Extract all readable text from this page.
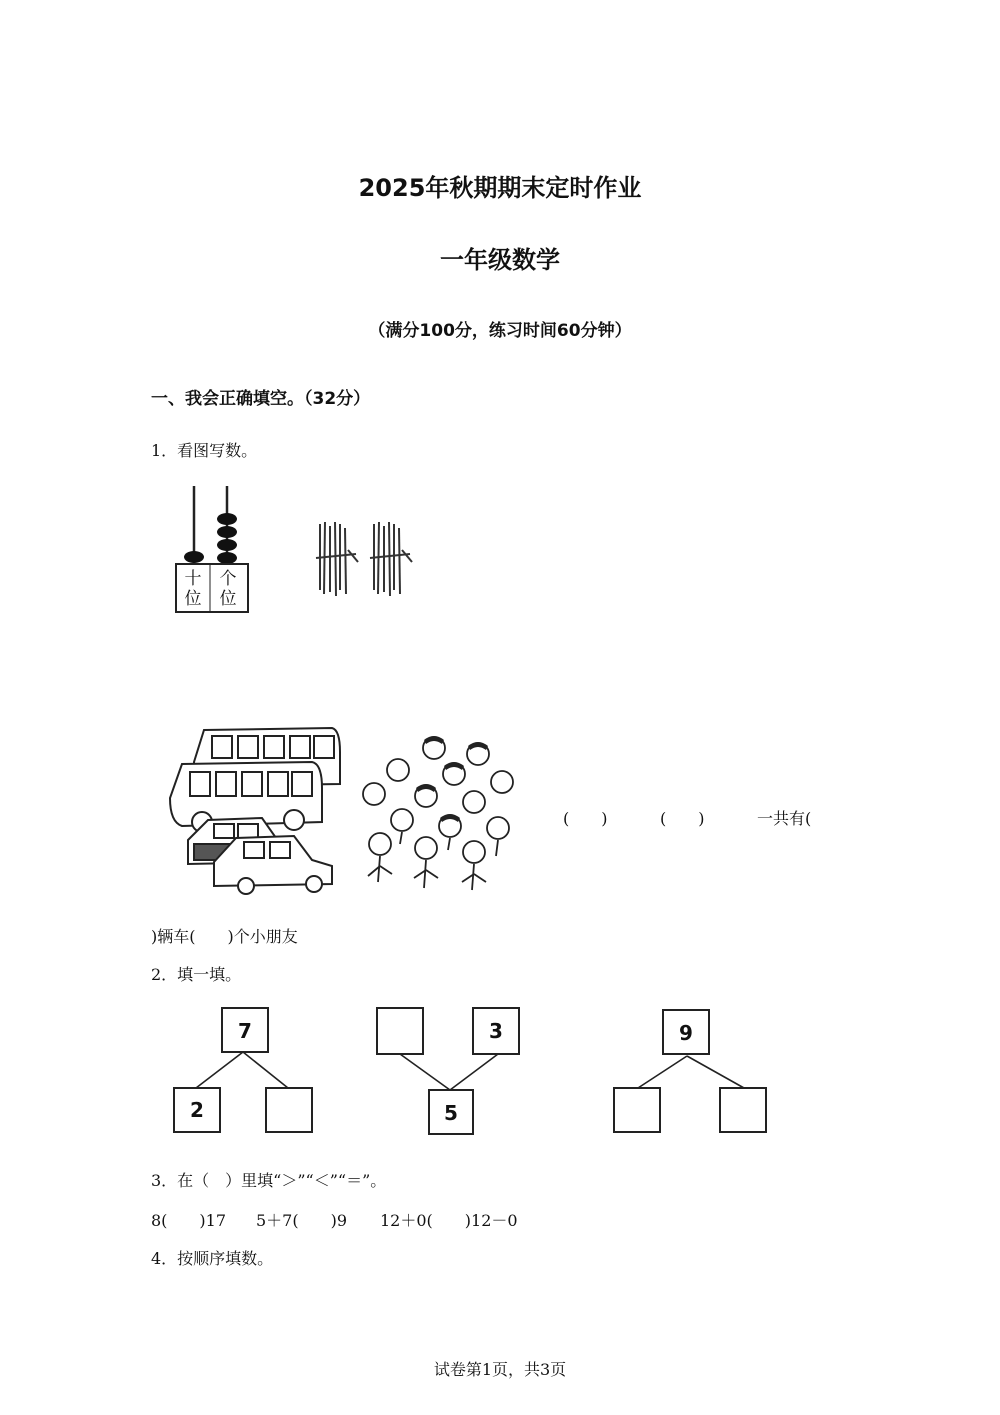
2025年秋期期末定时作业
一年级数学
（满分100分，练习时间60分钟）
一、我会正确填空。（32分）
1．看图写数。
十位
个位
(　　)	(　　)	一共有(
)辆车(　　)个小朋友
2．填一填。
7
2
3
5
9
3．在（　）里填“＞”“＜”“＝”。
8(　　)17 5＋7(　　)9 12＋0(　　)12－0
4．按顺序填数。
试卷第1页，共3页
